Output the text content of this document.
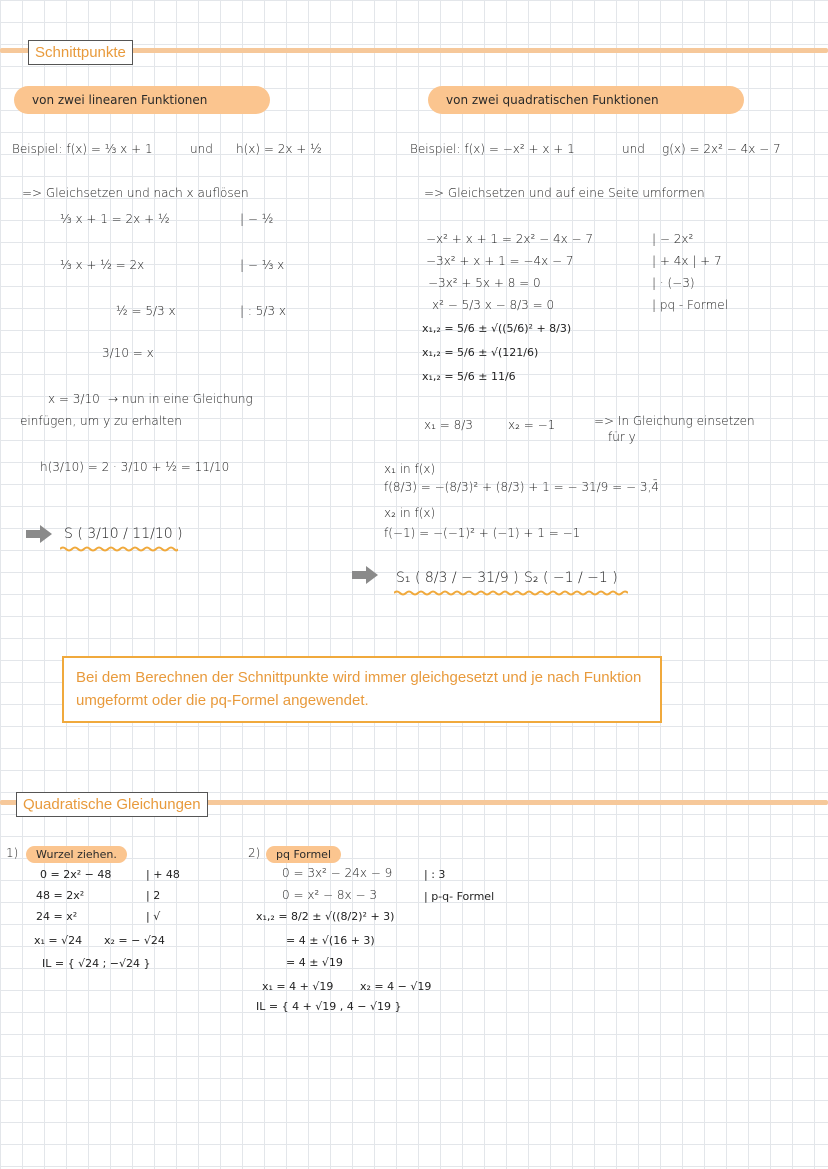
Schnittpunkte
von zwei linearen Funktionen	von zwei quadratischen Funktionen
Beispiel: f(x) = ⅓ x + 1	und h(x) = 2x + ½
=> Gleichsetzen und nach x auflösen
⅓ x + 1 = 2x + ½	| − ½
⅓ x + ½ = 2x	| − ⅓ x
½ = 5/3 x	| : 5/3 x
3/10 = x
x = 3/10 → nun in eine Gleichung
einfügen, um y zu erhalten
h(3/10) = 2 · 3/10 + ½ = 11/10
S ( 3/10 / 11/10 )
Beispiel: f(x) = −x² + x + 1	und g(x) = 2x² − 4x − 7
=> Gleichsetzen und auf eine Seite umformen
−x² + x + 1 = 2x² − 4x − 7	| − 2x²
−3x² + x + 1 = −4x − 7	| + 4x | + 7
−3x² + 5x + 8 = 0	| · (−3)
x² − 5/3 x − 8/3 = 0	| pq - Formel
x₁,₂ = 5/6 ± √((5/6)² + 8/3)
x₁,₂ = 5/6 ± √(121/6)
x₁,₂ = 5/6 ± 11/6
x₁ = 8/3	x₂ = −1	=> In Gleichung einsetzen
für y
x₁ in f(x)
f(8/3) = −(8/3)² + (8/3) + 1 = − 31/9 = − 3,4̄
x₂ in f(x)
f(−1) = −(−1)² + (−1) + 1 = −1
S₁ ( 8/3 / − 31/9 ) S₂ ( −1 / −1 )
Bei dem Berechnen der Schnittpunkte wird immer gleichgesetzt und je nach Funktion
umgeformt oder die pq-Formel angewendet.
Quadratische Gleichungen
1)	Wurzel ziehen.
0 = 2x² − 48	| + 48
48 = 2x²	| 2
24 = x²	| √
x₁ = √24 x₂ = − √24
IL = { √24 ; −√24 }
2)	pq Formel
0 = 3x² − 24x − 9	| : 3
0 = x² − 8x − 3	| p-q- Formel
x₁,₂ = 8/2 ± √((8/2)² + 3)
= 4 ± √(16 + 3)
= 4 ± √19
x₁ = 4 + √19 x₂ = 4 − √19
IL = { 4 + √19 , 4 − √19 }
